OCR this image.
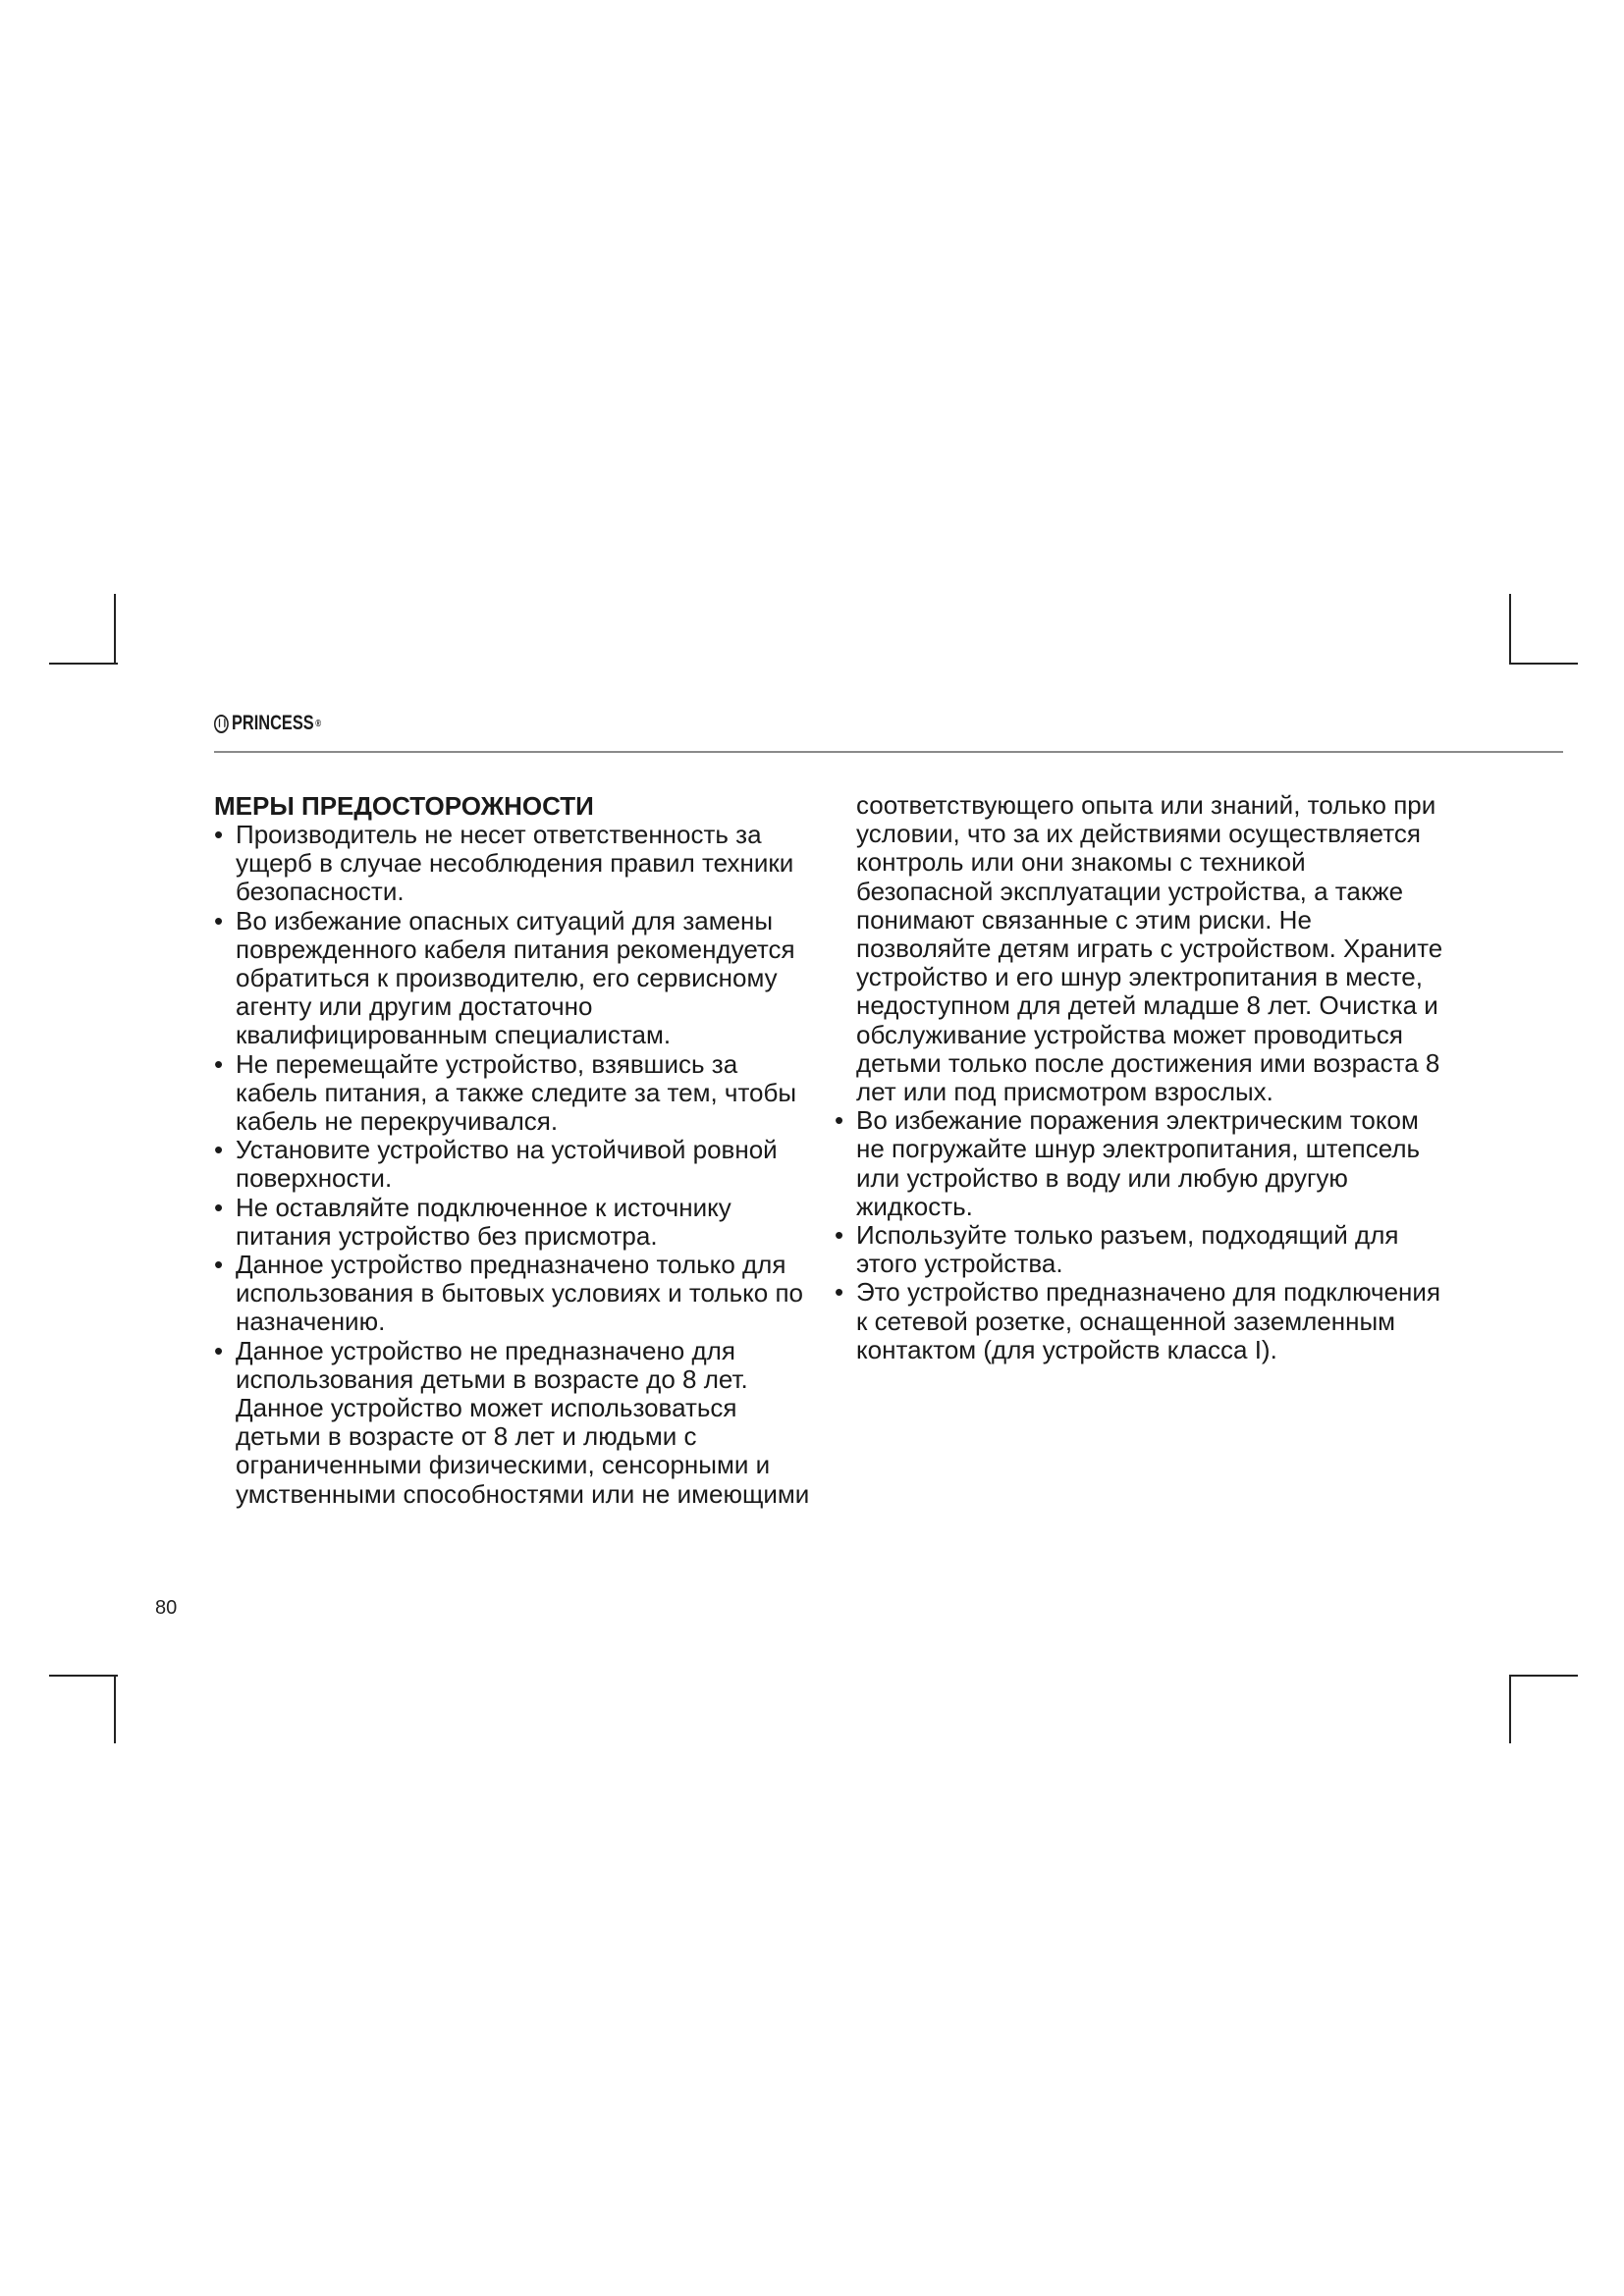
PRINCESS ®
МЕРЫ ПРЕДОСТОРОЖНОСТИ
• Производитель не несет ответственность за ущерб в случае несоблюдения правил техники безопасности.
• Во избежание опасных ситуаций для замены поврежденного кабеля питания рекомендуется обратиться к производителю, его сервисному агенту или другим достаточно квалифицированным специалистам.
• Не перемещайте устройство, взявшись за кабель питания, а также следите за тем, чтобы кабель не перекручивался.
• Установите устройство на устойчивой ровной поверхности.
• Не оставляйте подключенное к источнику питания устройство без присмотра.
• Данное устройство предназначено только для использования в бытовых условиях и только по назначению.
• Данное устройство не предназначено для использования детьми в возрасте до 8 лет. Данное устройство может использоваться детьми в возрасте от 8 лет и людьми с ограниченными физическими, сенсорными и умственными способностями или не имеющими

соответствующего опыта или знаний, только при условии, что за их действиями осуществляется контроль или они знакомы с техникой безопасной эксплуатации устройства, а также понимают связанные с этим риски. Не позволяйте детям играть с устройством. Храните устройство и его шнур электропитания в месте, недоступном для детей младше 8 лет. Очистка и обслуживание устройства может проводиться детьми только после достижения ими возраста 8 лет или под присмотром взрослых.

• Во избежание поражения электрическим током не погружайте шнур электропитания, штепсель или устройство в воду или любую другую жидкость.
• Используйте только разъем, подходящий для этого устройства.
• Это устройство предназначено для подключения к сетевой розетке, оснащенной заземленным контактом (для устройств класса I).
80
